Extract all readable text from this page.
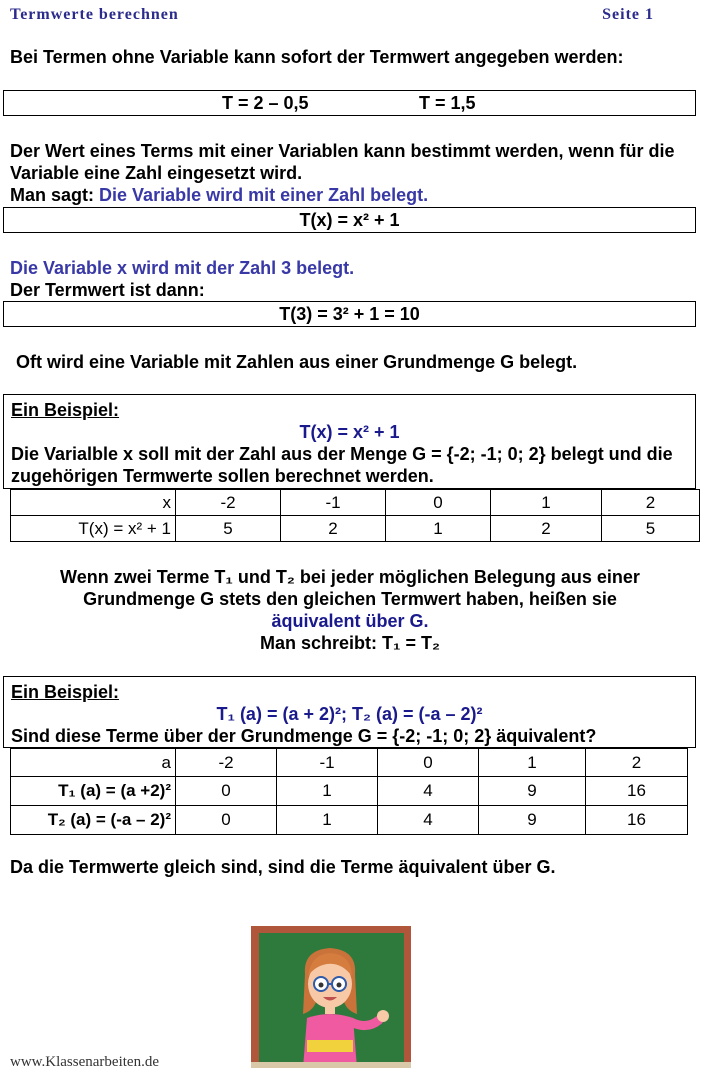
Termwerte berechnen	Seite 1
Bei Termen ohne Variable kann sofort der Termwert angegeben werden:
T = 2 – 0,5	T = 1,5
Der Wert eines Terms mit einer Variablen kann bestimmt werden, wenn für die Variable eine Zahl eingesetzt wird.
Man sagt: Die Variable wird mit einer Zahl belegt.
T(x) = x² + 1
Die Variable x wird mit der Zahl 3 belegt.
Der Termwert ist dann:
T(3) = 3² + 1 = 10
Oft wird eine Variable mit Zahlen aus einer Grundmenge G belegt.
Ein Beispiel:
T(x) = x² + 1
Die Varialble x soll mit der Zahl aus der Menge G = {-2; -1; 0; 2} belegt und die zugehörigen Termwerte sollen berechnet werden.
x	-2	-1	0	1	2
T(x) = x² + 1	5	2	1	2	5
Wenn zwei Terme T₁ und T₂ bei jeder möglichen Belegung aus einer
Grundmenge G stets den gleichen Termwert haben, heißen sie
äquivalent über G.
Man schreibt: T₁ = T₂
Ein Beispiel:
T₁ (a) = (a + 2)²; T₂ (a) = (-a – 2)²
Sind diese Terme über der Grundmenge G = {-2; -1; 0; 2} äquivalent?
a	-2	-1	0	1	2
T₁ (a) = (a +2)²	0	1	4	9	16
T₂ (a) = (-a – 2)²	0	1	4	9	16
Da die Termwerte gleich sind, sind die Terme äquivalent über G.
www.Klassenarbeiten.de
